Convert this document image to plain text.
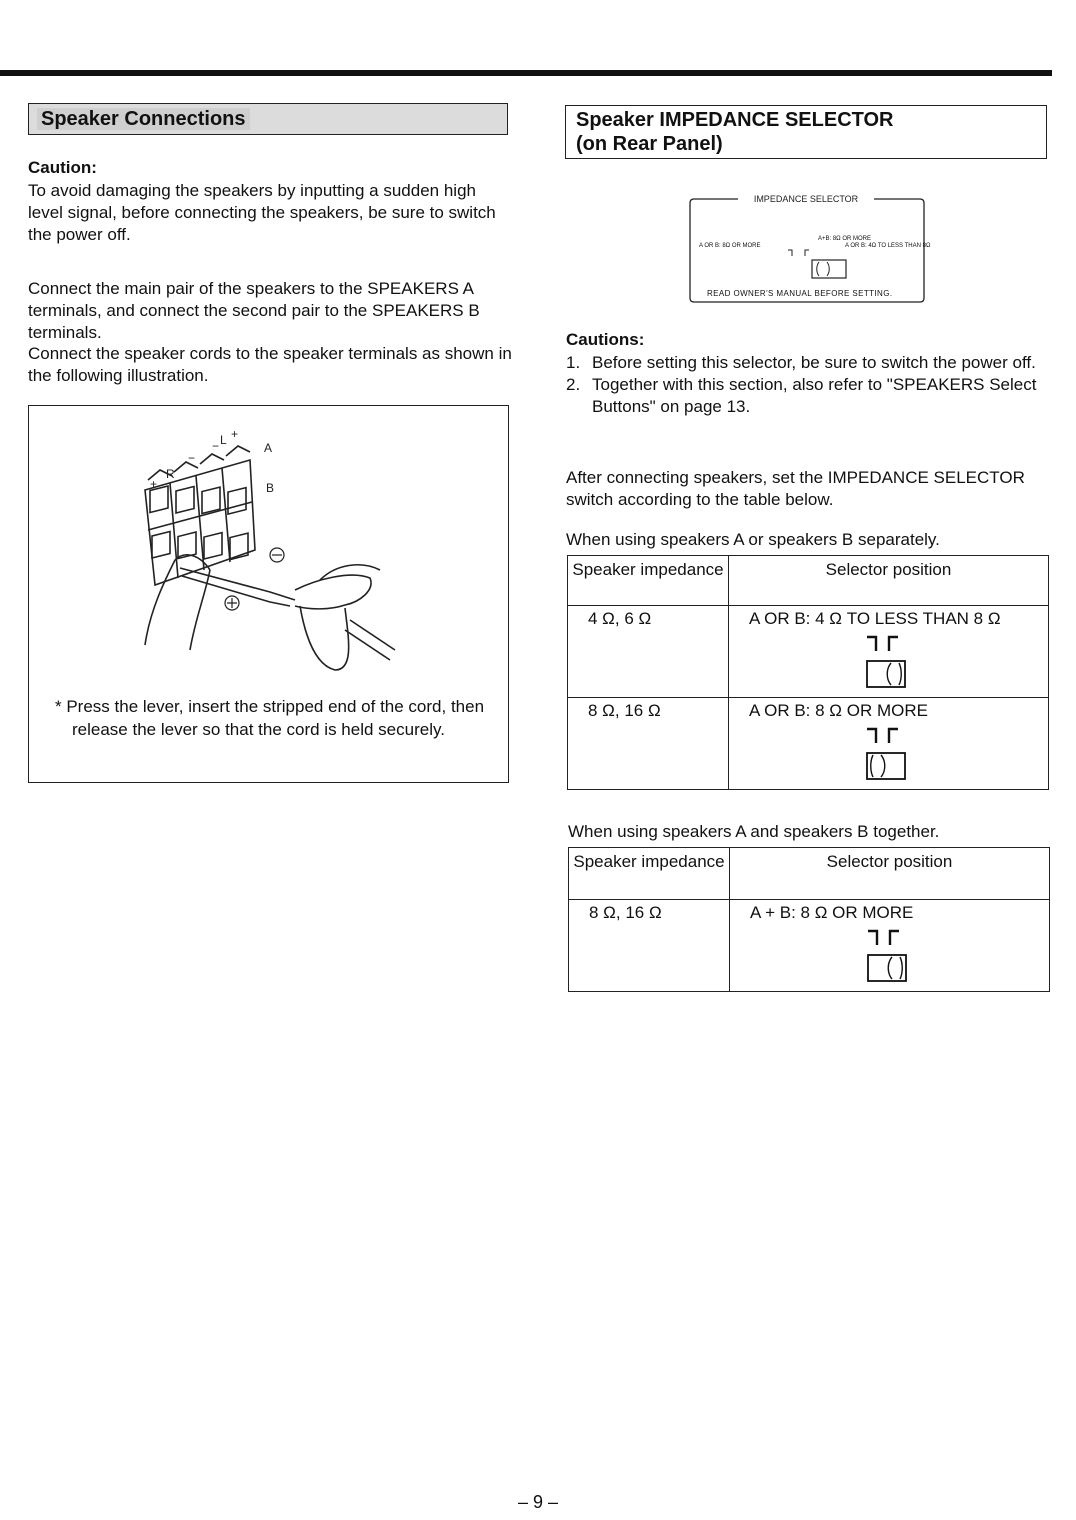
Speaker Connections
Caution:
To avoid damaging the speakers by inputting a sudden high level signal, before connecting the speakers, be sure to switch the power off.
Connect the main pair of the speakers to the SPEAKERS A terminals, and connect the second pair to the SPEAKERS B terminals.
Connect the speaker cords to the speaker terminals as shown in the following illustration.
+
R
−
− L +
A
B
* Press the lever, insert the stripped end of the cord, then release the lever so that the cord is held securely.
Speaker IMPEDANCE SELECTOR
(on Rear Panel)
IMPEDANCE SELECTOR
A OR B: 8Ω OR MORE
A+B: 8Ω OR MORE
A OR B: 4Ω TO LESS THAN 8Ω
READ OWNER'S MANUAL BEFORE SETTING.
Cautions:
1. Before setting this selector, be sure to switch the power off.
2. Together with this section, also refer to "SPEAKERS Select Buttons" on page 13.
After connecting speakers, set the IMPEDANCE SELECTOR switch according to the table below.
When using speakers A or speakers B separately.
Speaker impedance	Selector position
4 Ω, 6 Ω	A OR B: 4 Ω TO LESS THAN 8 Ω

8 Ω, 16 Ω	A OR B: 8 Ω OR MORE
When using speakers A and speakers B together.
Speaker impedance	Selector position
8 Ω, 16 Ω	A + B: 8 Ω OR MORE
– 9 –
